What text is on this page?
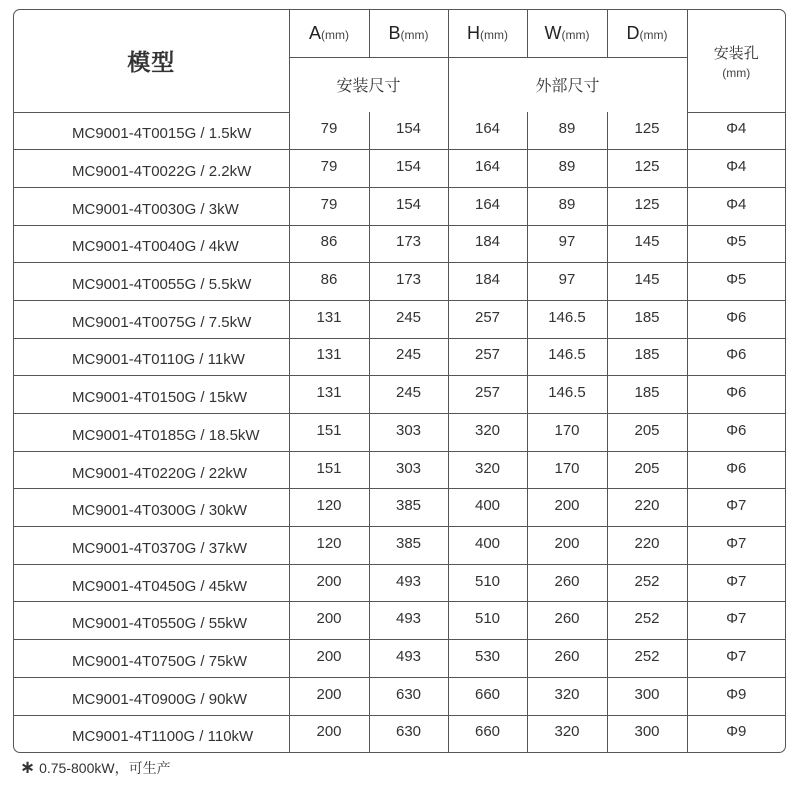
模型	A(mm)	B(mm)	H(mm)	W(mm)	D(mm)	安装孔
(mm)

	安装尺寸		外部尺寸			
MC9001-4T0015G / 1.5kW	79	154	164	89	125	Φ4
MC9001-4T0022G / 2.2kW	79	154	164	89	125	Φ4
MC9001-4T0030G / 3kW	79	154	164	89	125	Φ4
MC9001-4T0040G / 4kW	86	173	184	97	145	Φ5
MC9001-4T0055G / 5.5kW	86	173	184	97	145	Φ5
MC9001-4T0075G / 7.5kW	131	245	257	146.5	185	Φ6
MC9001-4T0110G / 11kW	131	245	257	146.5	185	Φ6
MC9001-4T0150G / 15kW	131	245	257	146.5	185	Φ6
MC9001-4T0185G / 18.5kW	151	303	320	170	205	Φ6
MC9001-4T0220G / 22kW	151	303	320	170	205	Φ6
MC9001-4T0300G / 30kW	120	385	400	200	220	Φ7
MC9001-4T0370G / 37kW	120	385	400	200	220	Φ7
MC9001-4T0450G / 45kW	200	493	510	260	252	Φ7
MC9001-4T0550G / 55kW	200	493	510	260	252	Φ7
MC9001-4T0750G / 75kW	200	493	530	260	252	Φ7
MC9001-4T0900G / 90kW	200	630	660	320	300	Φ9
MC9001-4T1100G / 110kW	200	630	660	320	300	Φ9
∗ 0.75-800kW，可生产
